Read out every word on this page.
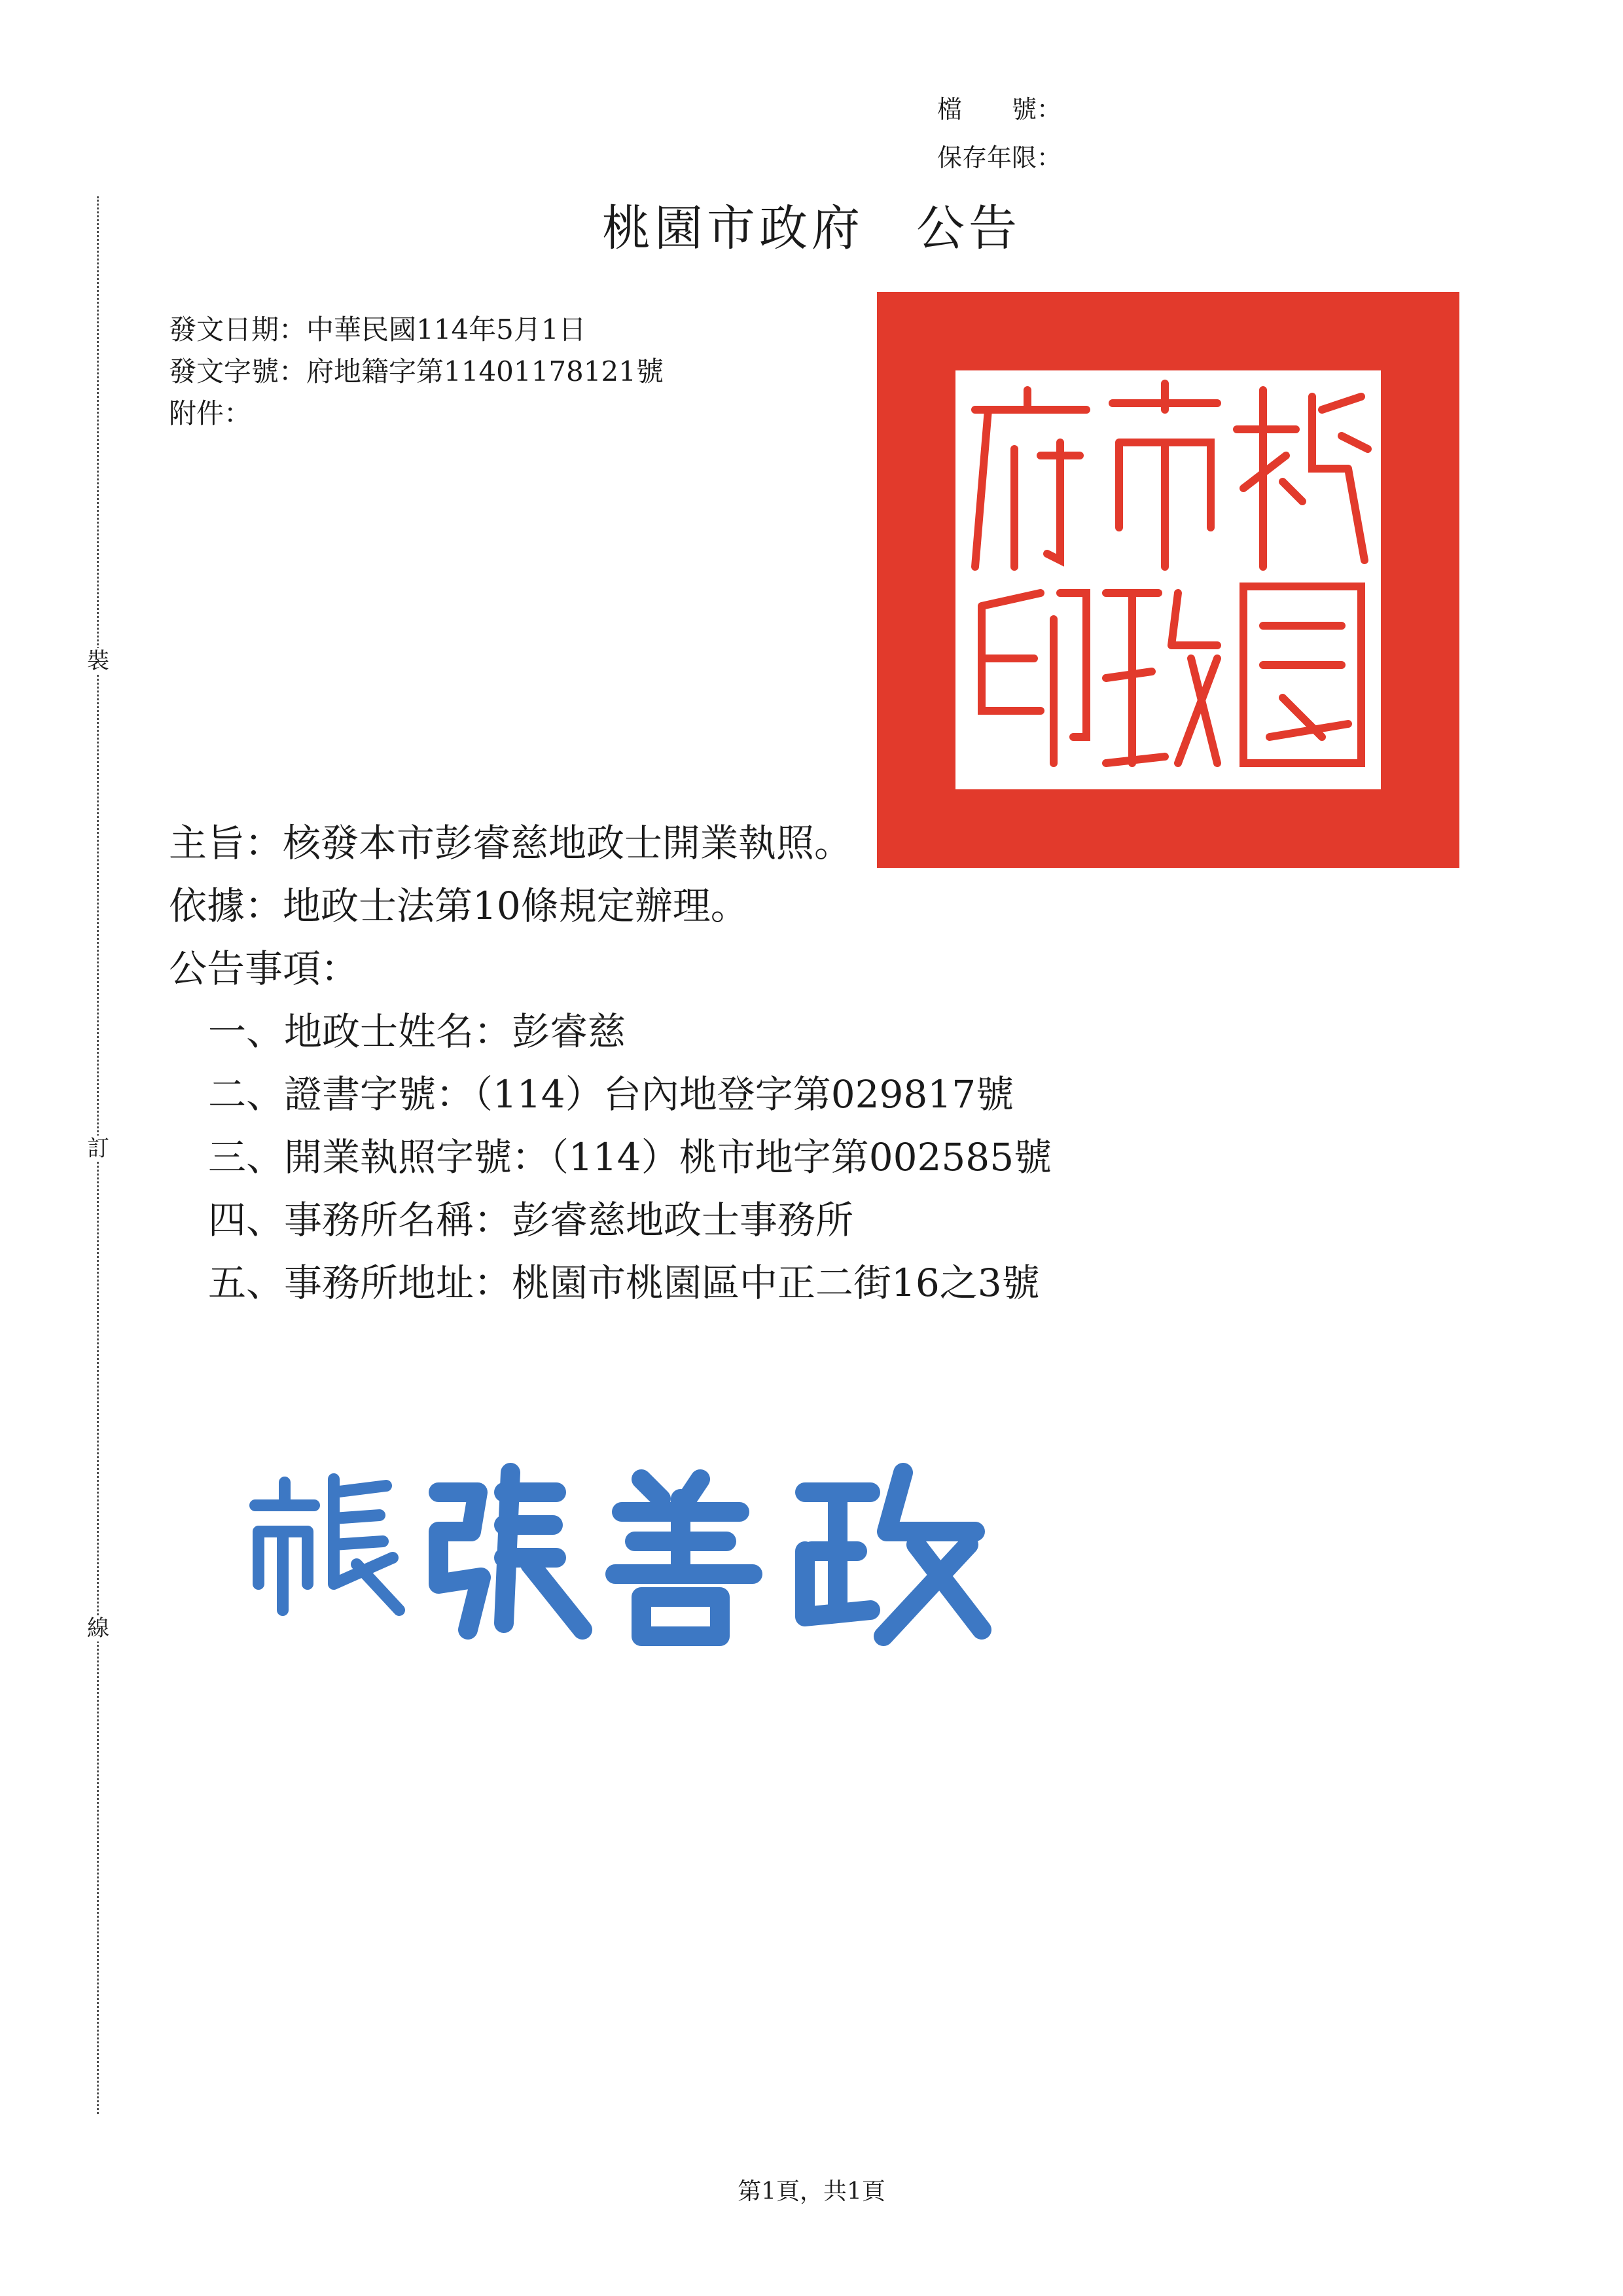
裝
訂
線
檔　　號：
保存年限：
桃園市政府 公告
發文日期：中華民國114年5月1日
發文字號：府地籍字第11401178121號
附件：
主旨：核發本市彭睿慈地政士開業執照。
依據：地政士法第10條規定辦理。
公告事項：
一、地政士姓名：彭睿慈
二、證書字號：（114）台內地登字第029817號
三、開業執照字號：（114）桃市地字第002585號
四、事務所名稱：彭睿慈地政士事務所
五、事務所地址：桃園市桃園區中正二街16之3號
第1頁，共1頁
